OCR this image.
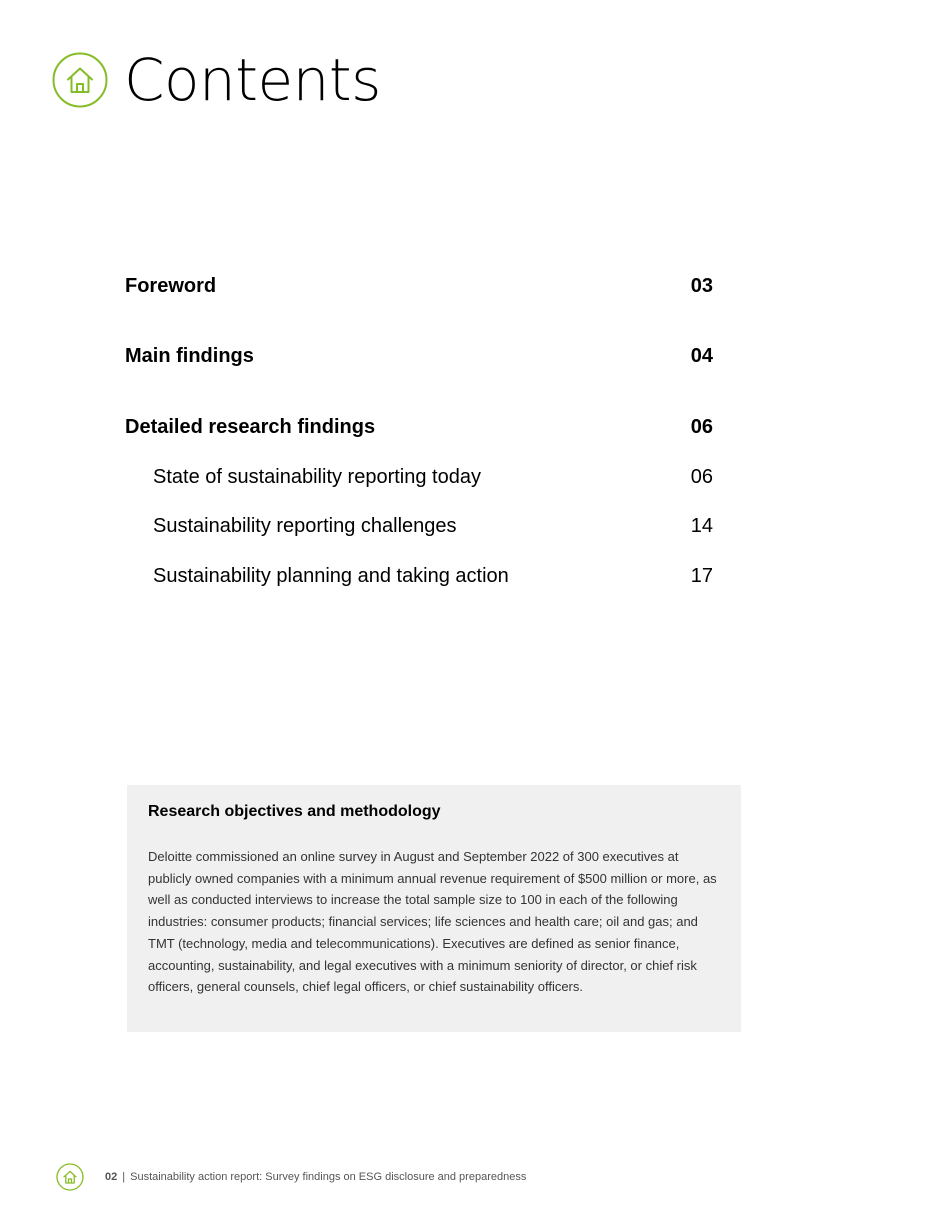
Contents
Foreword	03
Main findings	04
Detailed research findings	06
State of sustainability reporting today	06
Sustainability reporting challenges	14
Sustainability planning and taking action	17
Research objectives and methodology

Deloitte commissioned an online survey in August and September 2022 of 300 executives at publicly owned companies with a minimum annual revenue requirement of $500 million or more, as well as conducted interviews to increase the total sample size to 100 in each of the following industries: consumer products; financial services; life sciences and health care; oil and gas; and TMT (technology, media and telecommunications). Executives are defined as senior finance, accounting, sustainability, and legal executives with a minimum seniority of director, or chief risk officers, general counsels, chief legal officers, or chief sustainability officers.

02 | Sustainability action report: Survey findings on ESG disclosure and preparedness
